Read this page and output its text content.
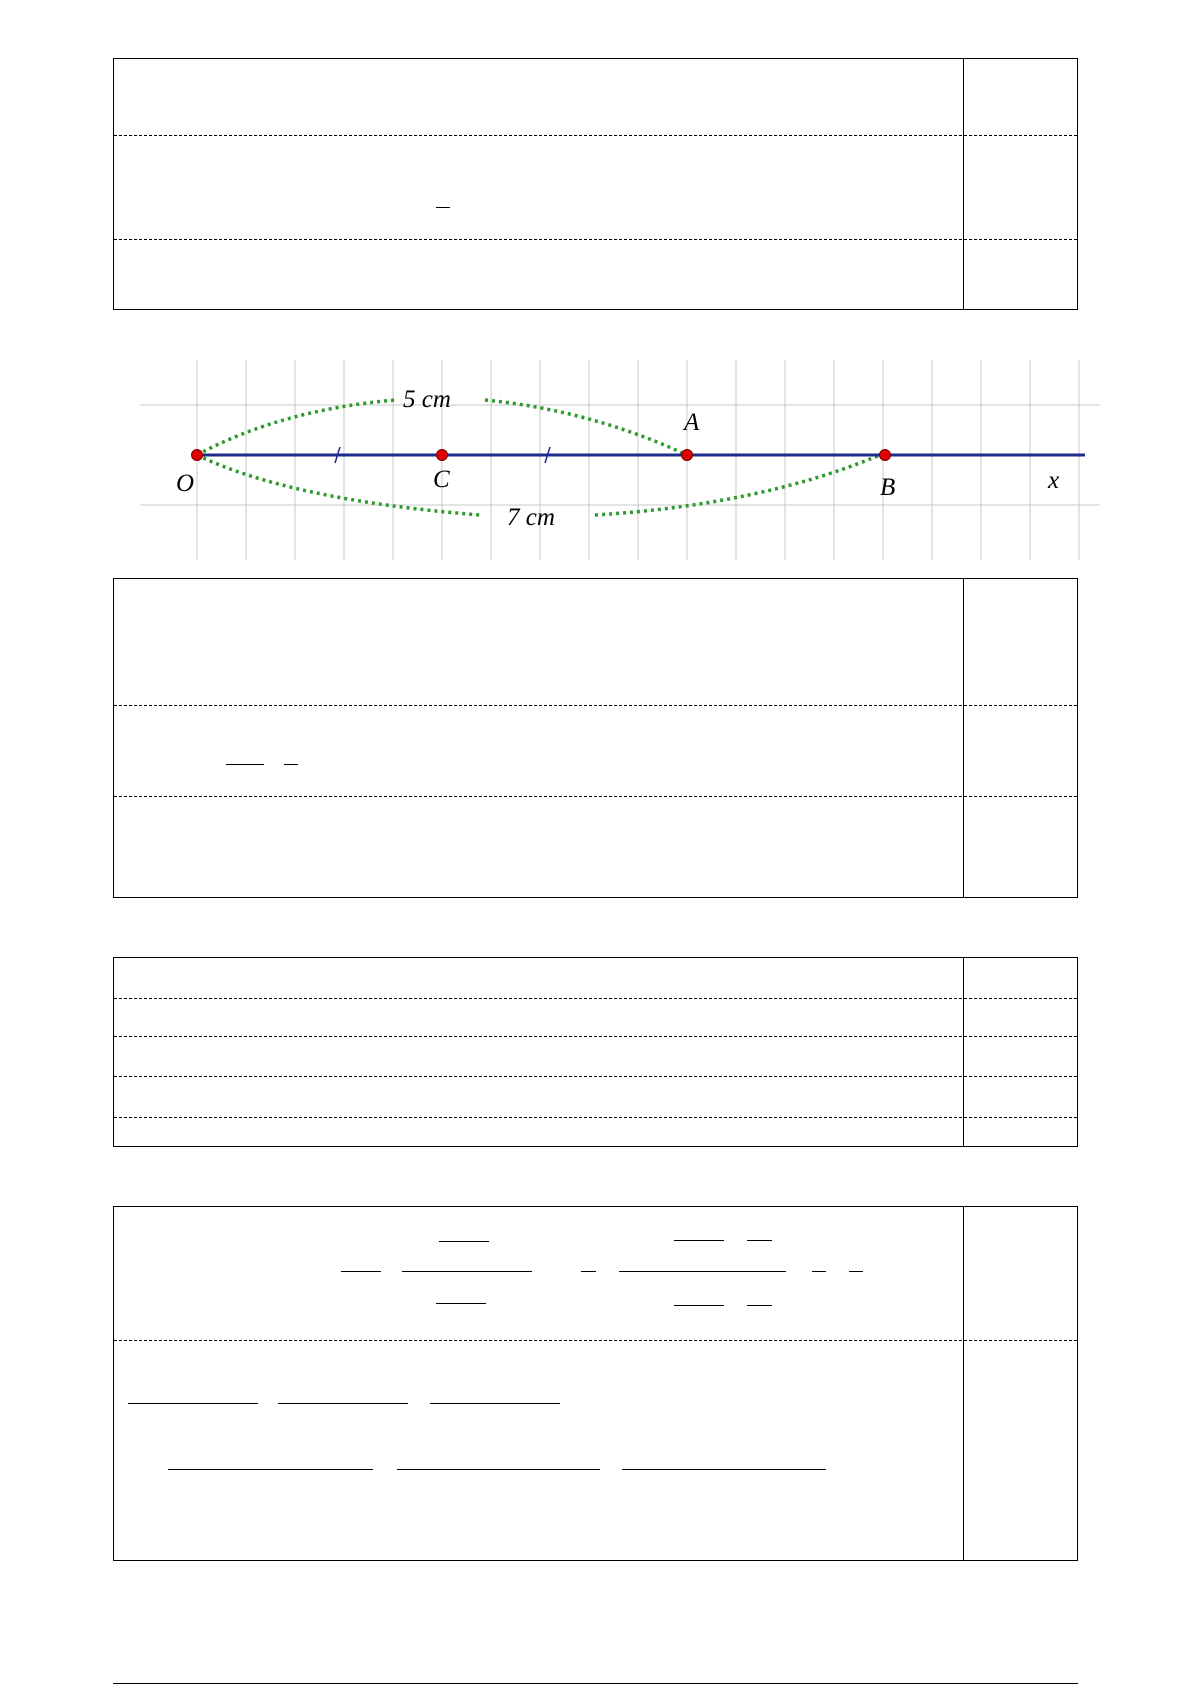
O	C
A
B	x
5 cm
7 cm
